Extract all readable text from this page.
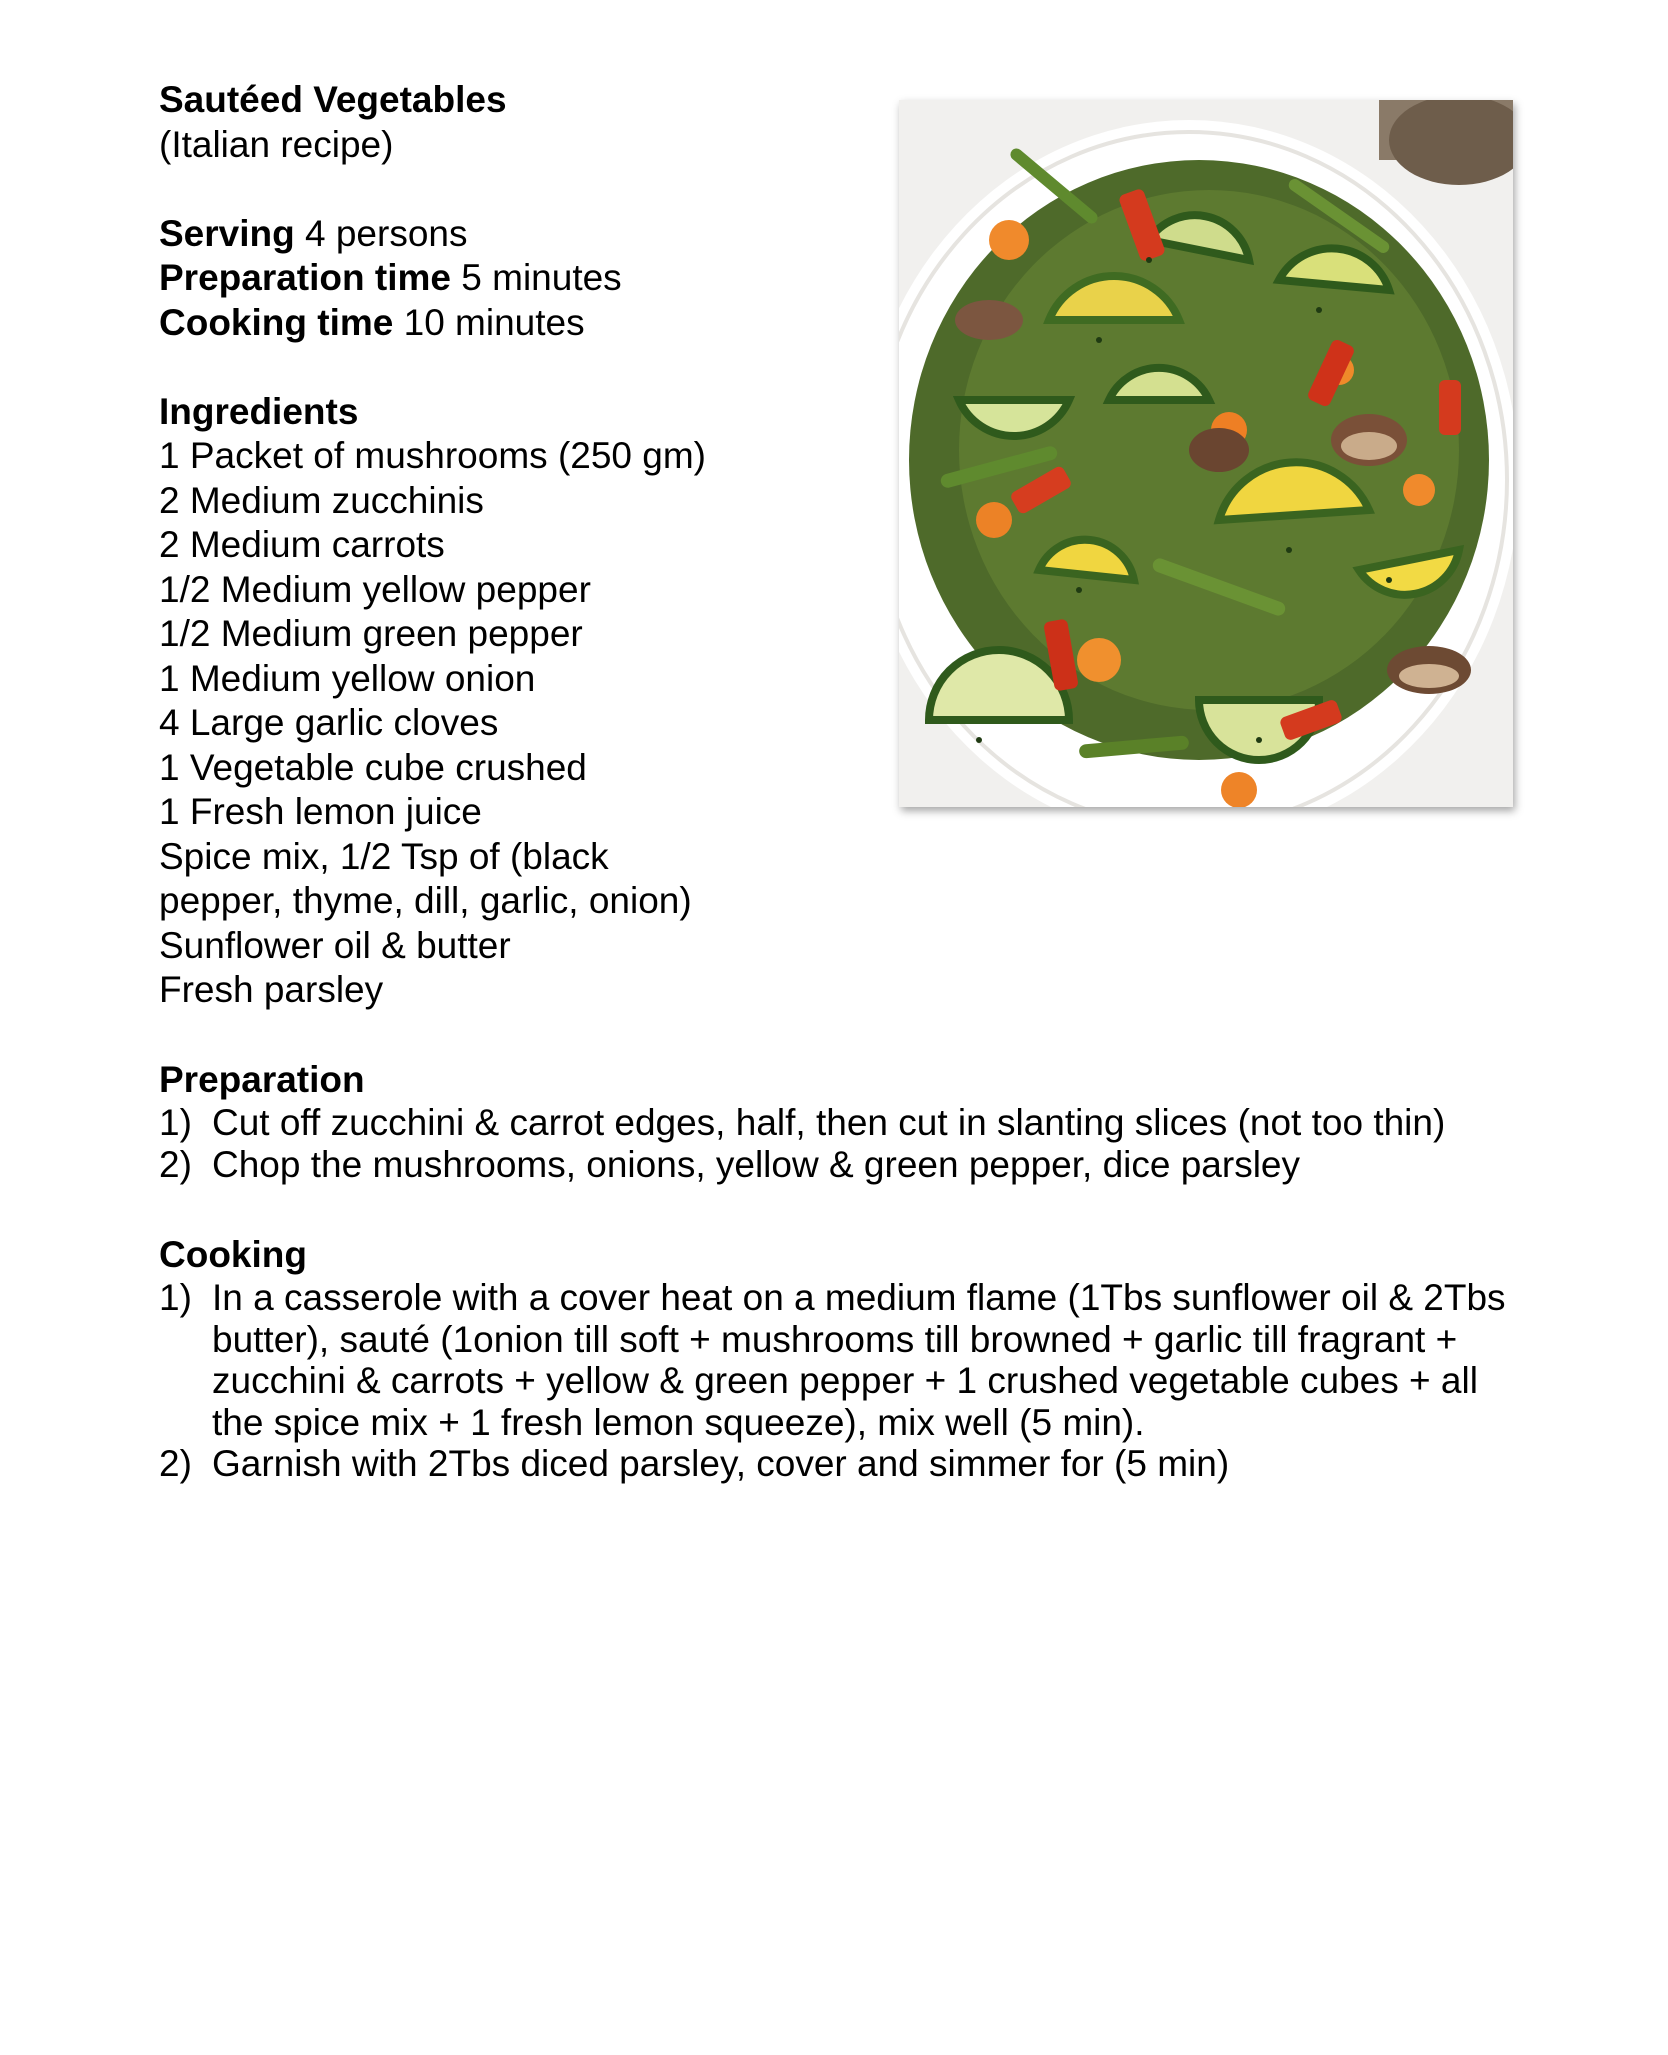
Sautéed Vegetables
(Italian recipe)
Serving 4 persons
Preparation time 5 minutes
Cooking time 10 minutes
Ingredients
1 Packet of mushrooms (250 gm)
2 Medium zucchinis
2 Medium carrots
1/2 Medium yellow pepper
1/2 Medium green pepper
1 Medium yellow onion
4 Large garlic cloves
1 Vegetable cube crushed
1 Fresh lemon juice
Spice mix, 1/2 Tsp of (black pepper, thyme, dill, garlic, onion)
Sunflower oil & butter
Fresh parsley
Preparation
1) Cut off zucchini & carrot edges, half, then cut in slanting slices (not too thin)
2) Chop the mushrooms, onions, yellow & green pepper, dice parsley
Cooking
1) In a casserole with a cover heat on a medium flame (1Tbs sunflower oil & 2Tbs butter), sauté (1onion till soft + mushrooms till browned + garlic till fragrant + zucchini & carrots + yellow & green pepper + 1 crushed vegetable cubes + all the spice mix + 1 fresh lemon squeeze), mix well (5 min).
2) Garnish with 2Tbs diced parsley, cover and simmer for (5 min)
